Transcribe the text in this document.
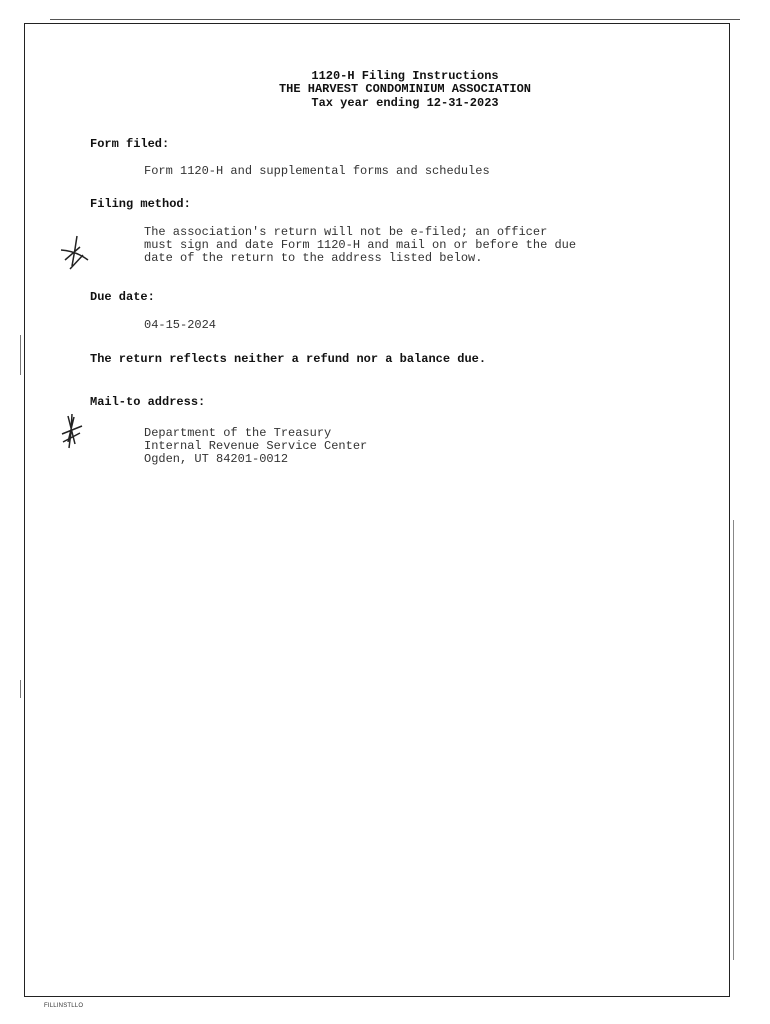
1120-H Filing Instructions
THE HARVEST CONDOMINIUM ASSOCIATION
Tax year ending 12-31-2023
Form filed:
Form 1120-H and supplemental forms and schedules
Filing method:
The association's return will not be e-filed; an officer
must sign and date Form 1120-H and mail on or before the due
date of the return to the address listed below.
Due date:
04-15-2024
The return reflects neither a refund nor a balance due.
Mail-to address:
Department of the Treasury
Internal Revenue Service Center
Ogden, UT 84201-0012
FILLINSTLLO
